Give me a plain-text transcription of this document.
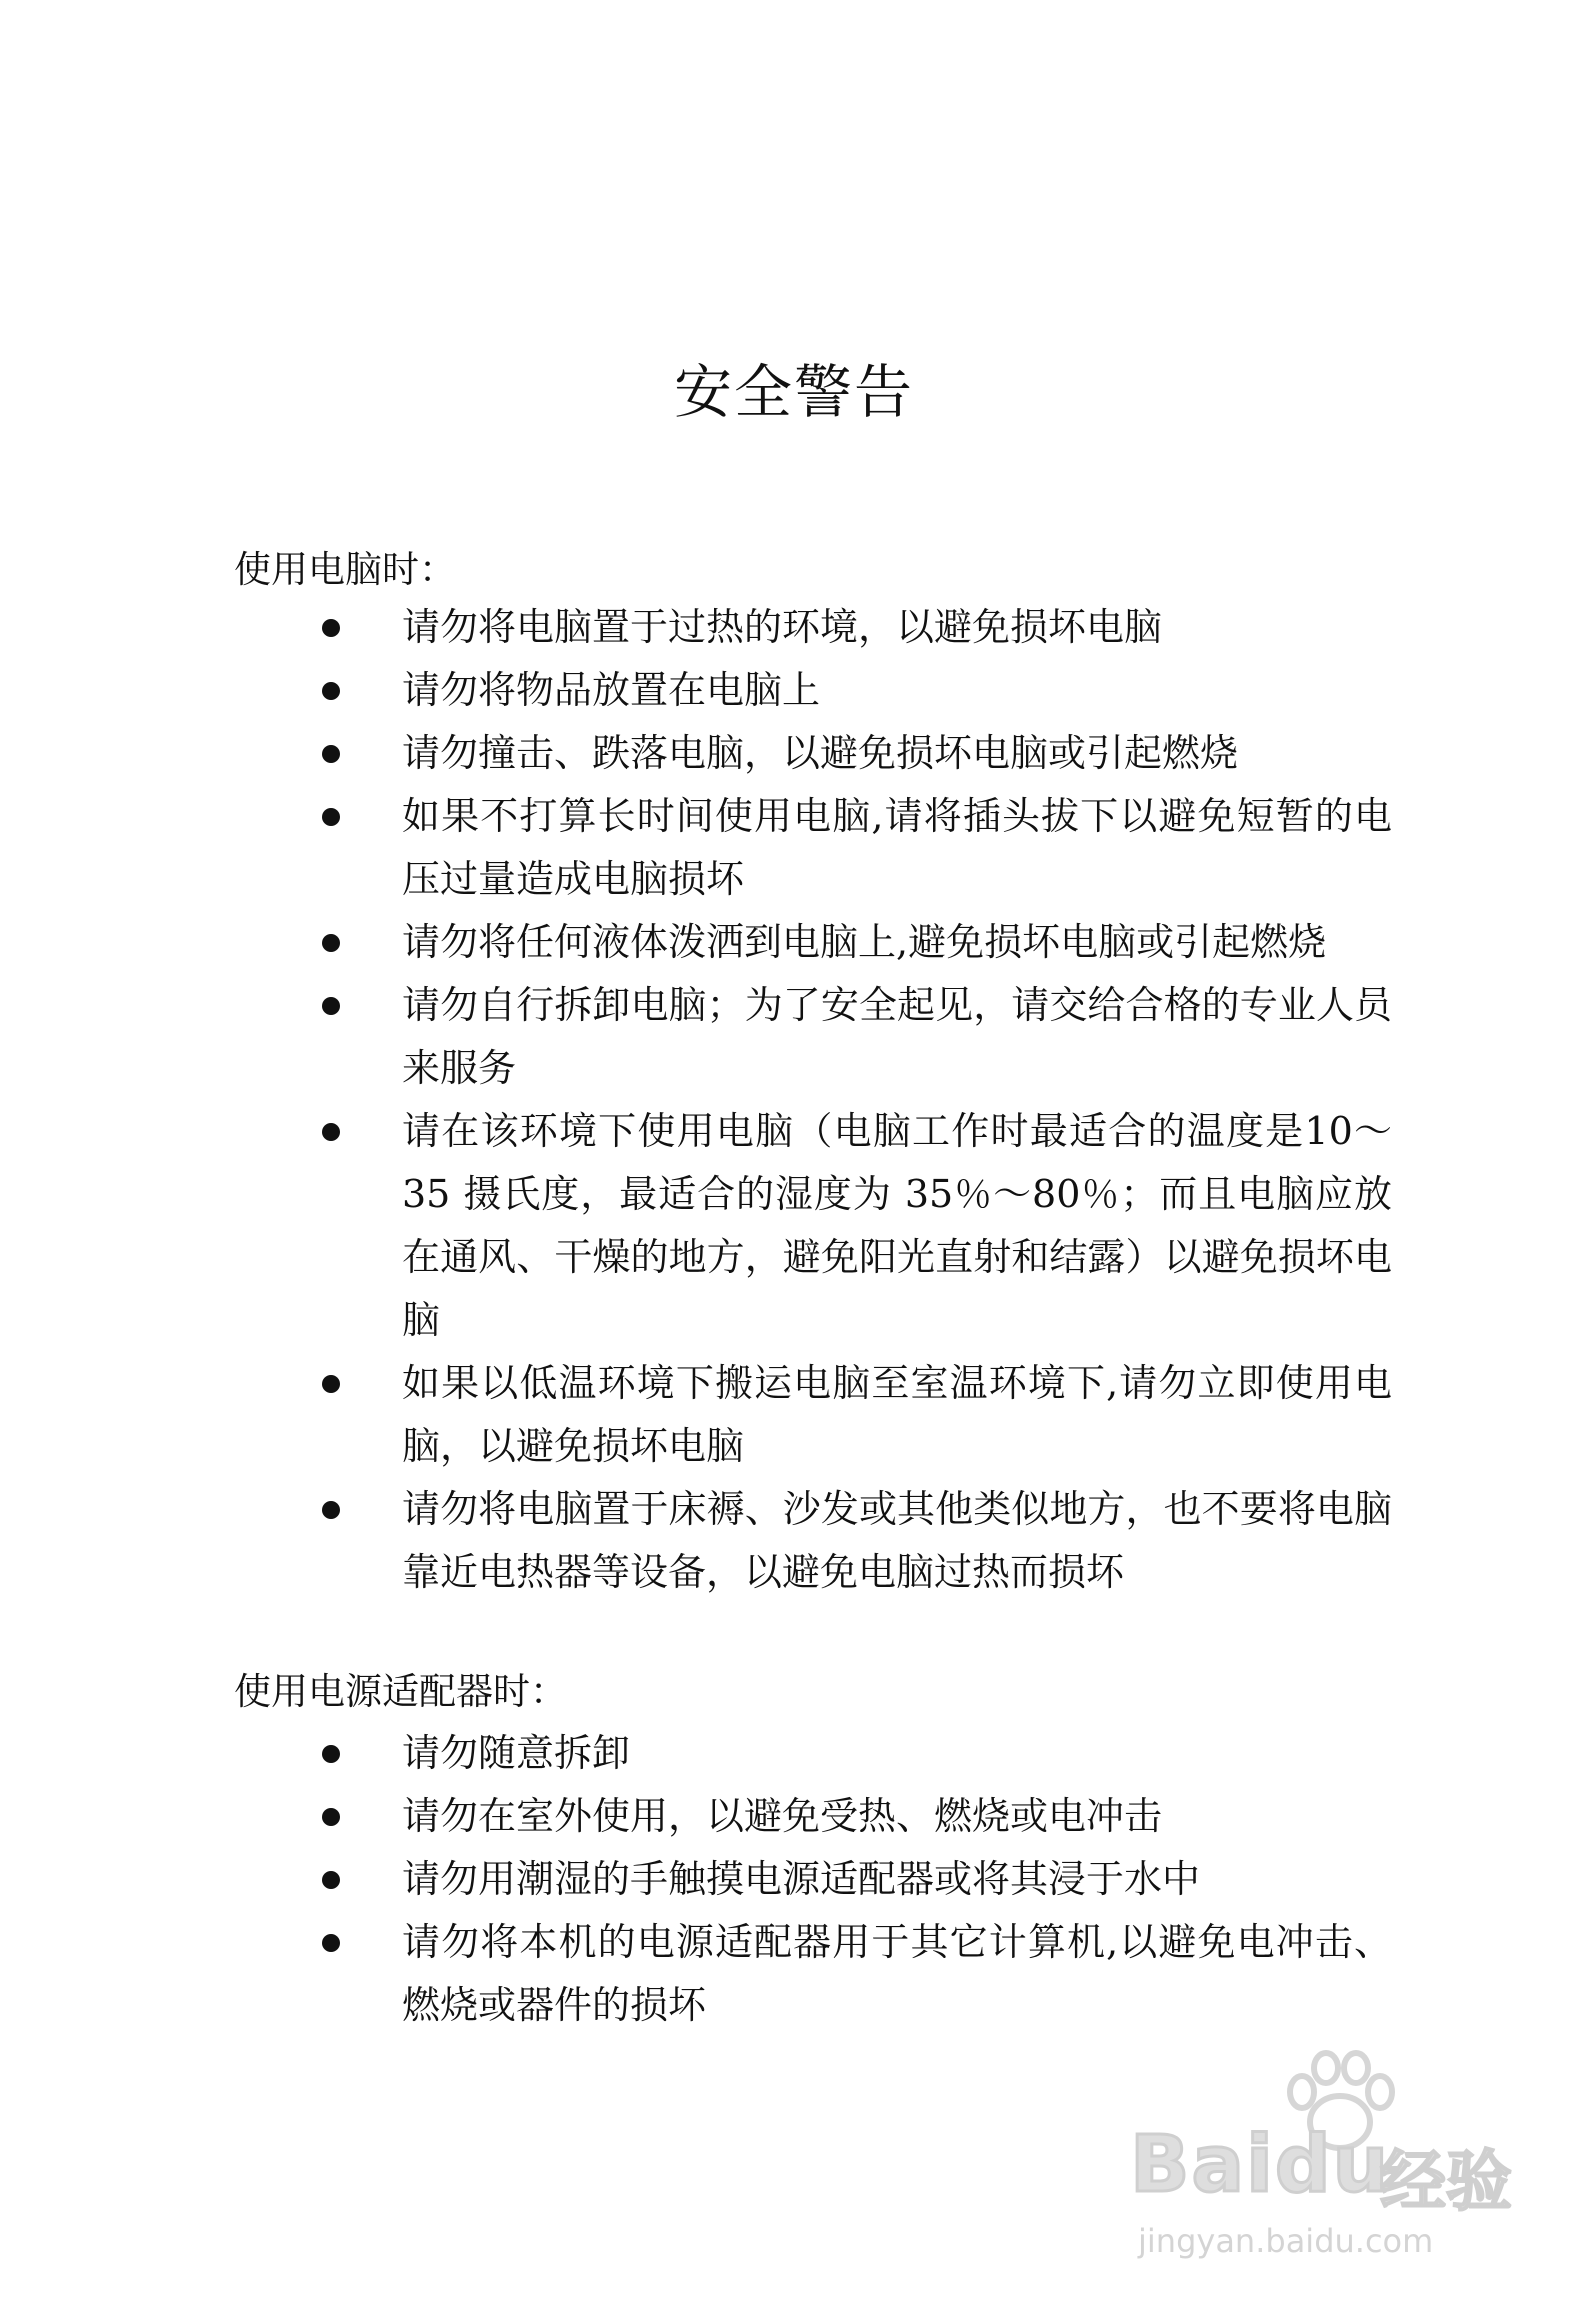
安全警告
使用电脑时：
请勿将电脑置于过热的环境，以避免损坏电脑
请勿将物品放置在电脑上
请勿撞击、跌落电脑，以避免损坏电脑或引起燃烧
如果不打算长时间使用电脑,请将插头拔下以避免短暂的电压过量造成电脑损坏
请勿将任何液体泼洒到电脑上,避免损坏电脑或引起燃烧
请勿自行拆卸电脑；为了安全起见，请交给合格的专业人员来服务
请在该环境下使用电脑（电脑工作时最适合的温度是10～35 摄氏度，最适合的湿度为 35％～80％；而且电脑应放在通风、干燥的地方，避免阳光直射和结露）以避免损坏电脑
如果以低温环境下搬运电脑至室温环境下,请勿立即使用电脑，以避免损坏电脑
请勿将电脑置于床褥、沙发或其他类似地方，也不要将电脑靠近电热器等设备，以避免电脑过热而损坏
使用电源适配器时：
请勿随意拆卸
请勿在室外使用，以避免受热、燃烧或电冲击
请勿用潮湿的手触摸电源适配器或将其浸于水中
请勿将本机的电源适配器用于其它计算机,以避免电冲击、燃烧或器件的损坏
Baidu
经验
jingyan.baidu.com
